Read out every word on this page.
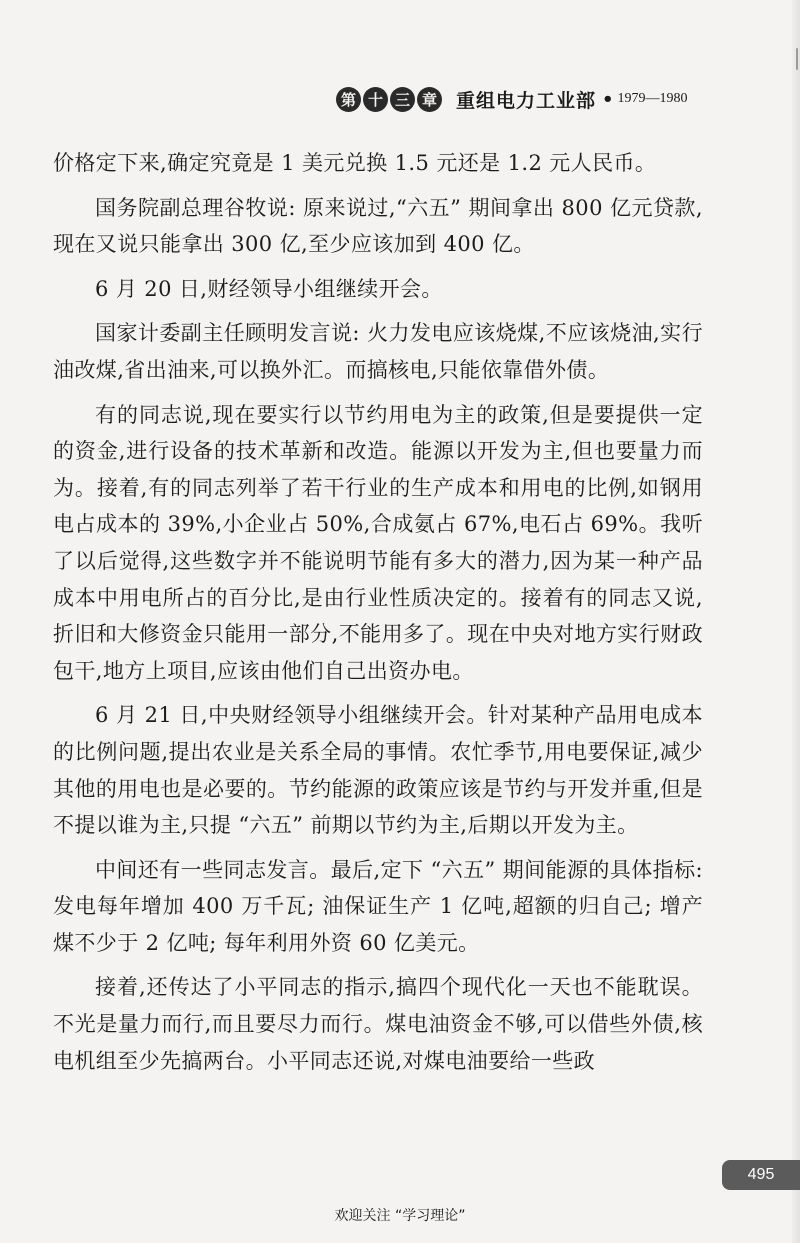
第 十 三 章 重组电力工业部 • 1979—1980

价格定下来,确定究竟是 1 美元兑换 1.5 元还是 1.2 元人民币。

国务院副总理谷牧说: 原来说过,“六五” 期间拿出 800 亿元贷款,现在又说只能拿出 300 亿,至少应该加到 400 亿。

6 月 20 日,财经领导小组继续开会。

国家计委副主任顾明发言说: 火力发电应该烧煤,不应该烧油,实行油改煤,省出油来,可以换外汇。而搞核电,只能依靠借外债。

有的同志说,现在要实行以节约用电为主的政策,但是要提供一定的资金,进行设备的技术革新和改造。能源以开发为主,但也要量力而为。接着,有的同志列举了若干行业的生产成本和用电的比例,如钢用电占成本的 39%,小企业占 50%,合成氨占 67%,电石占 69%。我听了以后觉得,这些数字并不能说明节能有多大的潜力,因为某一种产品成本中用电所占的百分比,是由行业性质决定的。接着有的同志又说,折旧和大修资金只能用一部分,不能用多了。现在中央对地方实行财政包干,地方上项目,应该由他们自己出资办电。

6 月 21 日,中央财经领导小组继续开会。针对某种产品用电成本的比例问题,提出农业是关系全局的事情。农忙季节,用电要保证,减少其他的用电也是必要的。节约能源的政策应该是节约与开发并重,但是不提以谁为主,只提 “六五” 前期以节约为主,后期以开发为主。

中间还有一些同志发言。最后,定下 “六五” 期间能源的具体指标: 发电每年增加 400 万千瓦; 油保证生产 1 亿吨,超额的归自己; 增产煤不少于 2 亿吨; 每年利用外资 60 亿美元。

接着,还传达了小平同志的指示,搞四个现代化一天也不能耽误。不光是量力而行,而且要尽力而行。煤电油资金不够,可以借些外债,核电机组至少先搞两台。小平同志还说,对煤电油要给一些政

495
欢迎关注 “学习理论”
